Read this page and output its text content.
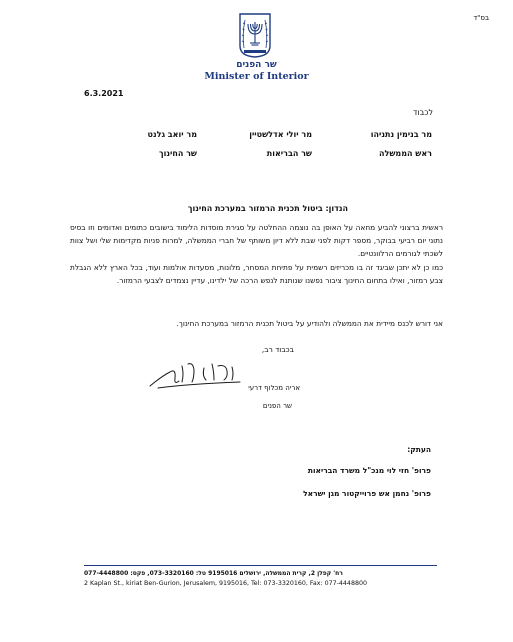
בס"ד
שר הפנים
Minister of Interior
6.3.2021
לכבוד
מר בנימין נתניהו
ראש הממשלה
מר יולי אדלשטיין
שר הבריאות
מר יואב גלנט
שר החינוך
הנדון: ביטול תכנית הרמזור במערכת החינוך
ראשית ברצוני להביע מחאה על האופן בה נוצמה ההחלטה על סגירת מוסדות הלימוד בישובים כתומים ואדומים וזו בסיס נתוני יום רביעי בבוקר, מספר דקות לפני שבת ללא דיון משותף של חברי הממשלה, למרות פניות מקדימות שלי ושל צוות לשכתי לגורמים הרלוונטיים.
כמו כן לא יתכן שביגד זה בו מכריזים רשמית על פתיחת המסחר, מלונות, מסעדות אולמות ועוד, בכל הארץ ללא הגבלת צבע רמזור, ואילו בתחום החינוך ציבור נפשנו שנותנת לנפש הרכה של ילדינו, עדיין נצמדים לצבעי הרמזור.
אני דורש לכנס מיידית את הממשלה ולהודיע על ביטול תכנית הרמזור במערכת החינוך.
בכבוד רב,
אריה מכלוף דרעי
שר הפנים
העתק:
פרופ' חזי לוי מנכ"ל משרד הבריאות
פרופ' נחמן אש פרוייקטור מגן ישראל
רח' קפלן 2, קרית הממשלה, ירושלים 9195016 טל: 073-3320160, פקס: 077-4448800
2 Kaplan St., kiriat Ben-Gurion, Jerusalem, 9195016, Tel: 073-3320160, Fax: 077-4448800
